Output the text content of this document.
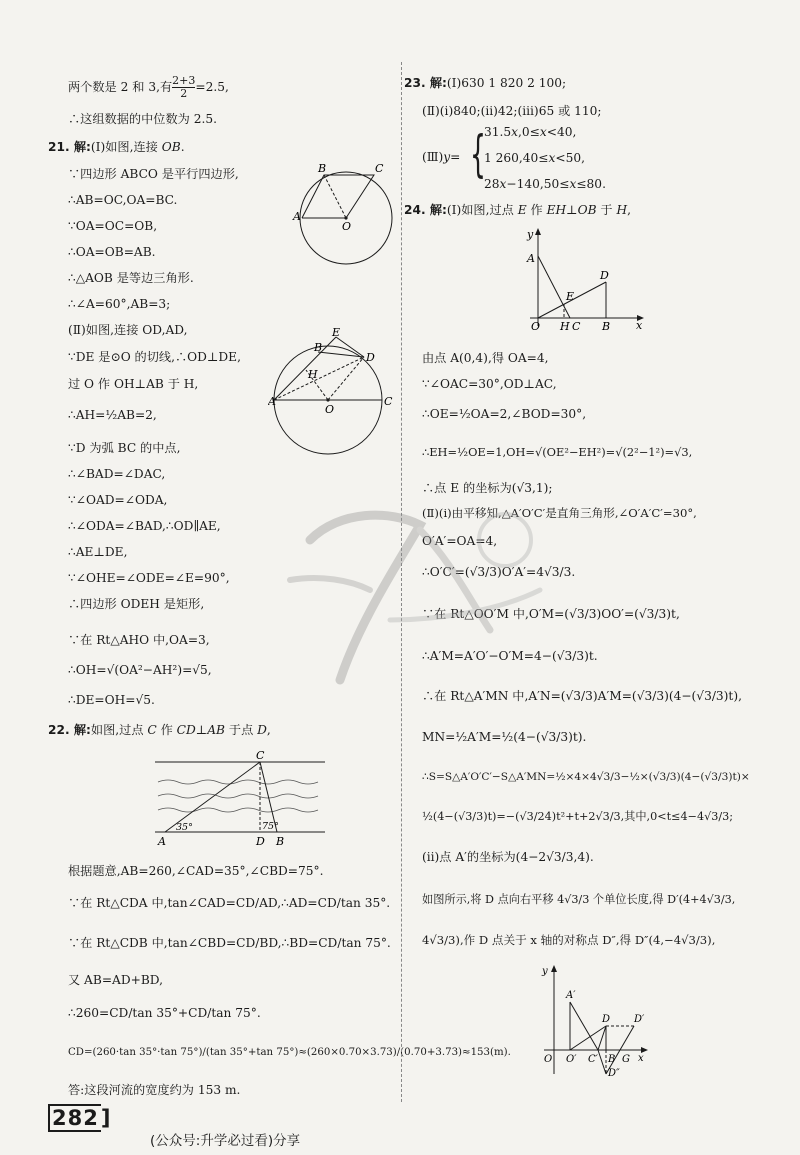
两个数是 2 和 3,有 $\frac{2+3}{2} =2.5$,
∴这组数据的中位数为 2.5.
21. 解:(Ⅰ)如图,连接 OB.
∵四边形 ABCO 是平行四边形,
∴AB=OC,OA=BC.
∵OA=OC=OB,
∴OA=OB=AB.
∴△AOB 是等边三角形.
∴∠A=60°,AB=3;
(Ⅱ)如图,连接 OD,AD,
∵DE 是⊙O 的切线,∴OD⊥DE,
过 O 作 OH⊥AB 于 H,
∴AH=½AB=2,
∵D 为弧 BC 的中点,
∴∠BAD=∠DAC,
∵∠OAD=∠ODA,
∴∠ODA=∠BAD,∴OD∥AE,
∴AE⊥DE,
∵∠OHE=∠ODE=∠E=90°,
∴四边形 ODEH 是矩形,
∵在 Rt△AHO 中,OA=3,
∴OH=√(OA²−AH²)=√5,
∴DE=OH=√5.
22. 解:如图,过点 C 作 CD⊥AB 于点 D,
根据题意,AB=260,∠CAD=35°,∠CBD=75°.
∵在 Rt△CDA 中,tan∠CAD=CD/AD,∴AD=CD/tan 35°.
∵在 Rt△CDB 中,tan∠CBD=CD/BD,∴BD=CD/tan 75°.
又 AB=AD+BD,
∴260=CD/tan 35°+CD/tan 75°.
CD=(260·tan 35°·tan 75°)/(tan 35°+tan 75°)≈(260×0.70×3.73)/(0.70+3.73)≈153(m).
答:这段河流的宽度约为 153 m.
A
B	C
O
A
B
C
D
E
H
O
C
A	D B
35°	75°
23. 解:(Ⅰ)630 1 820 2 100;
(Ⅱ)(ⅰ)840;(ⅱ)42;(ⅲ)65 或 110;
(Ⅲ)y= {
31.5x,0≤x<40,
1 260,40≤x<50,
28x−140,50≤x≤80.
24. 解:(Ⅰ)如图,过点 E 作 EH⊥OB 于 H,
A
D
E
O H C B x
y
由点 A(0,4),得 OA=4,
∵∠OAC=30°,OD⊥AC,
∴OE=½OA=2,∠BOD=30°,
∴EH=½OE=1,OH=√(OE²−EH²)=√(2²−1²)=√3,
∴点 E 的坐标为(√3,1);
(Ⅱ)(ⅰ)由平移知,△A′O′C′是直角三角形,∠O′A′C′=30°,
O′A′=OA=4,
∴O′C′=(√3/3)O′A′=4√3/3.
∵在 Rt△OO′M 中,O′M=(√3/3)OO′=(√3/3)t,
∴A′M=A′O′−O′M=4−(√3/3)t.
∴在 Rt△A′MN 中,A′N=(√3/3)A′M=(√3/3)(4−(√3/3)t),
MN=½A′M=½(4−(√3/3)t).
∴S=S△A′O′C′−S△A′MN=½×4×4√3/3−½×(√3/3)(4−(√3/3)t)×
½(4−(√3/3)t)=−(√3/24)t²+t+2√3/3,其中,0<t≤4−4√3/3;
(ⅱ)点 A′的坐标为(4−2√3/3,4).
如图所示,将 D 点向右平移 4√3/3 个单位长度,得 D′(4+4√3/3,
4√3/3),作 D 点关于 x 轴的对称点 D″,得 D″(4,−4√3/3),
A′
D D′
D″
O O′ C′ B G x
y
282]
(公众号:升学必过看)分享
